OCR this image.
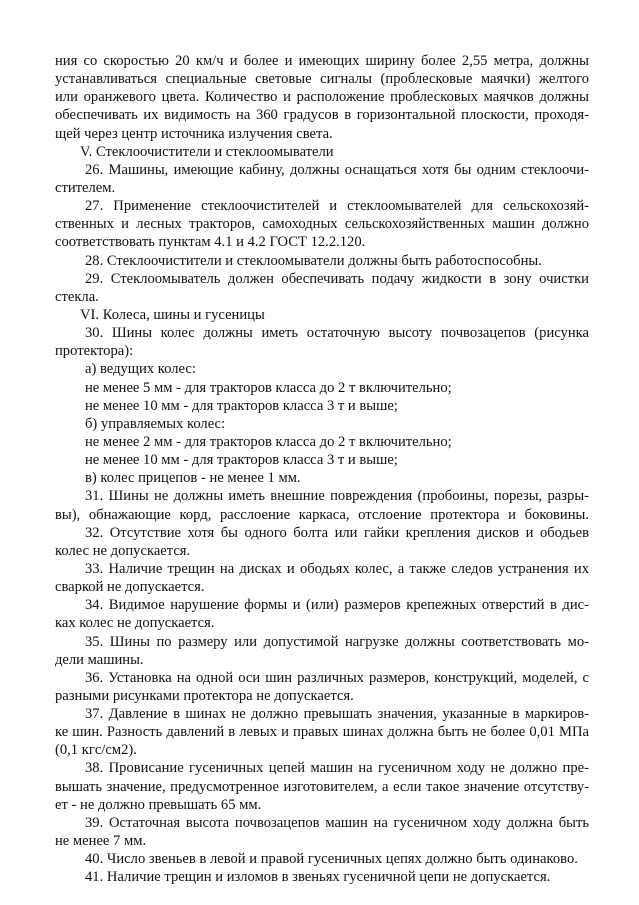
ния со скоростью 20 км/ч и более и имеющих ширину более 2,55 метра, должны
устанавливаться специальные световые сигналы (проблесковые маячки) желтого
или оранжевого цвета. Количество и расположение проблесковых маячков должны
обеспечивать их видимость на 360 градусов в горизонтальной плоскости, проходя-
щей через центр источника излучения света.
V. Стеклоочистители и стеклоомыватели
26. Машины, имеющие кабину, должны оснащаться хотя бы одним стеклоочи-
стителем.
27. Применение стеклоочистителей и стеклоомывателей для сельскохозяй-
ственных и лесных тракторов, самоходных сельскохозяйственных машин должно
соответствовать пунктам 4.1 и 4.2 ГОСТ 12.2.120.
28. Стеклоочистители и стеклоомыватели должны быть работоспособны.
29. Стеклоомыватель должен обеспечивать подачу жидкости в зону очистки
стекла.
VI. Колеса, шины и гусеницы
30. Шины колес должны иметь остаточную высоту почвозацепов (рисунка
протектора):
а) ведущих колес:
не менее 5 мм - для тракторов класса до 2 т включительно;
не менее 10 мм - для тракторов класса 3 т и выше;
б) управляемых колес:
не менее 2 мм - для тракторов класса до 2 т включительно;
не менее 10 мм - для тракторов класса 3 т и выше;
в) колес прицепов - не менее 1 мм.
31. Шины не должны иметь внешние повреждения (пробоины, порезы, разры-
вы), обнажающие корд, расслоение каркаса, отслоение протектора и боковины.
32. Отсутствие хотя бы одного болта или гайки крепления дисков и ободьев
колес не допускается.
33. Наличие трещин на дисках и ободьях колес, а также следов устранения их
сваркой не допускается.
34. Видимое нарушение формы и (или) размеров крепежных отверстий в дис-
ках колес не допускается.
35. Шины по размеру или допустимой нагрузке должны соответствовать мо-
дели машины.
36. Установка на одной оси шин различных размеров, конструкций, моделей, с
разными рисунками протектора не допускается.
37. Давление в шинах не должно превышать значения, указанные в маркиров-
ке шин. Разность давлений в левых и правых шинах должна быть не более 0,01 МПа
(0,1 кгс/см2).
38. Провисание гусеничных цепей машин на гусеничном ходу не должно пре-
вышать значение, предусмотренное изготовителем, а если такое значение отсутству-
ет - не должно превышать 65 мм.
39. Остаточная высота почвозацепов машин на гусеничном ходу должна быть
не менее 7 мм.
40. Число звеньев в левой и правой гусеничных цепях должно быть одинаково.
41. Наличие трещин и изломов в звеньях гусеничной цепи не допускается.
